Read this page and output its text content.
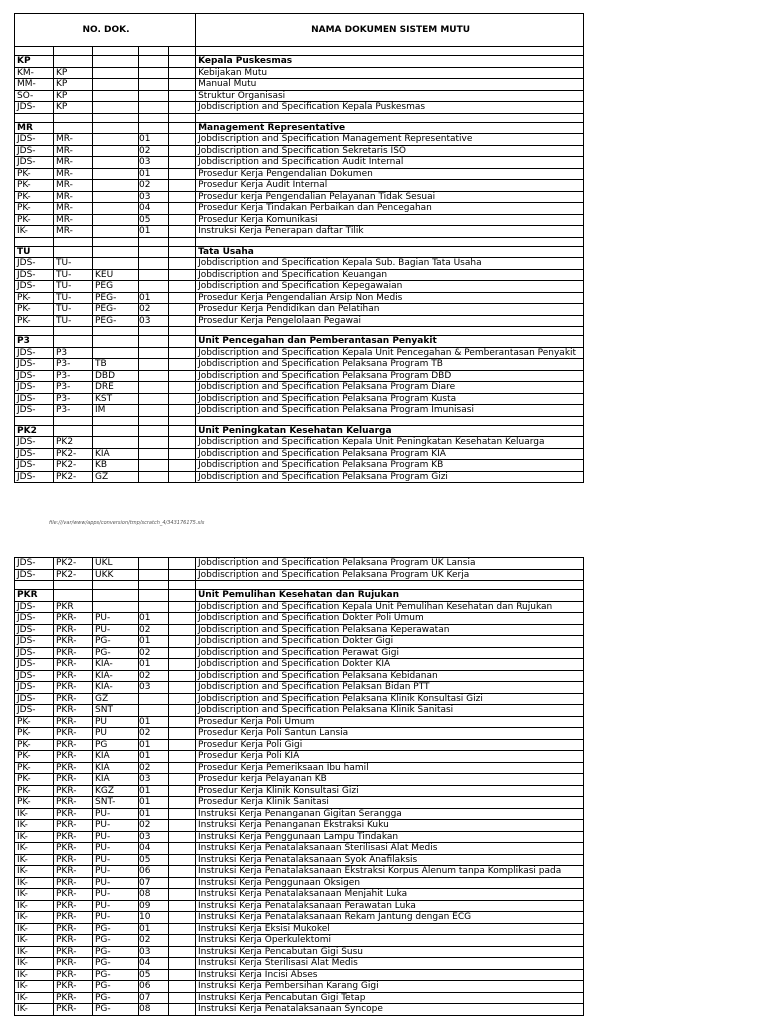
NO. DOK.					NAMA DOKUMEN SISTEM MUTU

KP					Kepala Puskesmas
KM-	KP				Kebijakan Mutu
MM-	KP				Manual Mutu
SO-	KP				Struktur Organisasi
JDS-	KP				Jobdiscription and Specification Kepala Puskesmas

MR					Management Representative
JDS-	MR-		01		Jobdiscription and Specification Management Representative
JDS-	MR-		02		Jobdiscription and Specification Sekretaris ISO
JDS-	MR-		03		Jobdiscription and Specification Audit Internal
PK-	MR-		01		Prosedur Kerja Pengendalian Dokumen
PK-	MR-		02		Prosedur Kerja Audit Internal
PK-	MR-		03		Prosedur kerja Pengendalian Pelayanan Tidak Sesuai
PK-	MR-		04		Prosedur Kerja Tindakan Perbaikan dan Pencegahan
PK-	MR-		05		Prosedur Kerja Komunikasi
IK-	MR-		01		Instruksi Kerja Penerapan daftar Tilik

TU					Tata Usaha
JDS-	TU-				Jobdiscription and Specification Kepala Sub. Bagian Tata Usaha
JDS-	TU-	KEU			Jobdiscription and Specification Keuangan
JDS-	TU-	PEG			Jobdiscription and Specification Kepegawaian
PK-	TU-	PEG-	01		Prosedur Kerja Pengendalian Arsip Non Medis
PK-	TU-	PEG-	02		Prosedur Kerja Pendidikan dan Pelatihan
PK-	TU-	PEG-	03		Prosedur Kerja Pengelolaan Pegawai

P3					Unit Pencegahan dan Pemberantasan Penyakit
JDS-	P3				Jobdiscription and Specification Kepala Unit Pencegahan & Pemberantasan Penyakit
JDS-	P3-	TB			Jobdiscription and Specification Pelaksana Program TB
JDS-	P3-	DBD			Jobdiscription and Specification Pelaksana Program DBD
JDS-	P3-	DRE			Jobdiscription and Specification Pelaksana Program Diare
JDS-	P3-	KST			Jobdiscription and Specification Pelaksana Program Kusta
JDS-	P3-	IM			Jobdiscription and Specification Pelaksana Program Imunisasi

PK2					Unit Peningkatan Kesehatan Keluarga
JDS-	PK2				Jobdiscription and Specification Kepala Unit Peningkatan Kesehatan Keluarga
JDS-	PK2-	KIA			Jobdiscription and Specification Pelaksana Program KIA
JDS-	PK2-	KB			Jobdiscription and Specification Pelaksana Program KB
JDS-	PK2-	GZ			Jobdiscription and Specification Pelaksana Program Gizi
file:///var/www/apps/conversion/tmp/scratch_4/343176175.xls
JDS-	PK2-	UKL			Jobdiscription and Specification Pelaksana Program UK Lansia
JDS-	PK2-	UKK			Jobdiscription and Specification Pelaksana Program UK Kerja

PKR					Unit Pemulihan Kesehatan dan Rujukan
JDS-	PKR				Jobdiscription and Specification Kepala Unit Pemulihan Kesehatan dan Rujukan
JDS-	PKR-	PU-	01		Jobdiscription and Specification Dokter Poli Umum
JDS-	PKR-	PU-	02		Jobdiscription and Specification Pelaksana Keperawatan
JDS-	PKR-	PG-	01		Jobdiscription and Specification Dokter Gigi
JDS-	PKR-	PG-	02		Jobdiscription and Specification Perawat Gigi
JDS-	PKR-	KIA-	01		Jobdiscription and Specification Dokter KIA
JDS-	PKR-	KIA-	02		Jobdiscription and Specification Pelaksana Kebidanan
JDS-	PKR-	KIA-	03		Jobdiscription and Specification Pelaksan Bidan PTT
JDS-	PKR-	GZ			Jobdiscription and Specification Pelaksana Klinik Konsultasi Gizi
JDS-	PKR-	SNT			Jobdiscription and Specification Pelaksana Klinik Sanitasi
PK-	PKR-	PU	01		Prosedur Kerja Poli Umum
PK-	PKR-	PU	02		Prosedur Kerja Poli Santun Lansia
PK-	PKR-	PG	01		Prosedur Kerja Poli Gigi
PK-	PKR-	KIA	01		Prosedur Kerja Poli KIA
PK-	PKR-	KIA	02		Prosedur Kerja Pemeriksaan Ibu hamil
PK-	PKR-	KIA	03		Prosedur kerja Pelayanan KB
PK-	PKR-	KGZ	01		Prosedur Kerja Klinik Konsultasi Gizi
PK-	PKR-	SNT-	01		Prosedur Kerja Klinik Sanitasi
IK-	PKR-	PU-	01		Instruksi Kerja Penanganan Gigitan Serangga
IK-	PKR-	PU-	02		Instruksi Kerja Penanganan Ekstraksi Kuku
IK-	PKR-	PU-	03		Instruksi Kerja Penggunaan Lampu Tindakan
IK-	PKR-	PU-	04		Instruksi Kerja Penatalaksanaan Sterilisasi Alat Medis
IK-	PKR-	PU-	05		Instruksi Kerja Penatalaksanaan Syok Anafilaksis
IK-	PKR-	PU-	06		Instruksi Kerja Penatalaksanaan Ekstraksi Korpus Alenum tanpa Komplikasi pada
IK-	PKR-	PU-	07		Instruksi Kerja Penggunaan Oksigen
IK-	PKR-	PU-	08		Instruksi Kerja Penatalaksanaan Menjahit Luka
IK-	PKR-	PU-	09		Instruksi Kerja Penatalaksanaan Perawatan Luka
IK-	PKR-	PU-	10		Instruksi Kerja Penatalaksanaan Rekam Jantung dengan ECG
IK-	PKR-	PG-	01		Instruksi Kerja Eksisi Mukokel
IK-	PKR-	PG-	02		Instruksi Kerja Operkulektomi
IK-	PKR-	PG-	03		Instruksi Kerja Pencabutan Gigi Susu
IK-	PKR-	PG-	04		Instruksi Kerja Sterilisasi Alat Medis
IK-	PKR-	PG-	05		Instruksi Kerja Incisi Abses
IK-	PKR-	PG-	06		Instruksi Kerja Pembersihan Karang Gigi
IK-	PKR-	PG-	07		Instruksi Kerja Pencabutan Gigi Tetap
IK-	PKR-	PG-	08		Instruksi Kerja Penatalaksanaan Syncope
